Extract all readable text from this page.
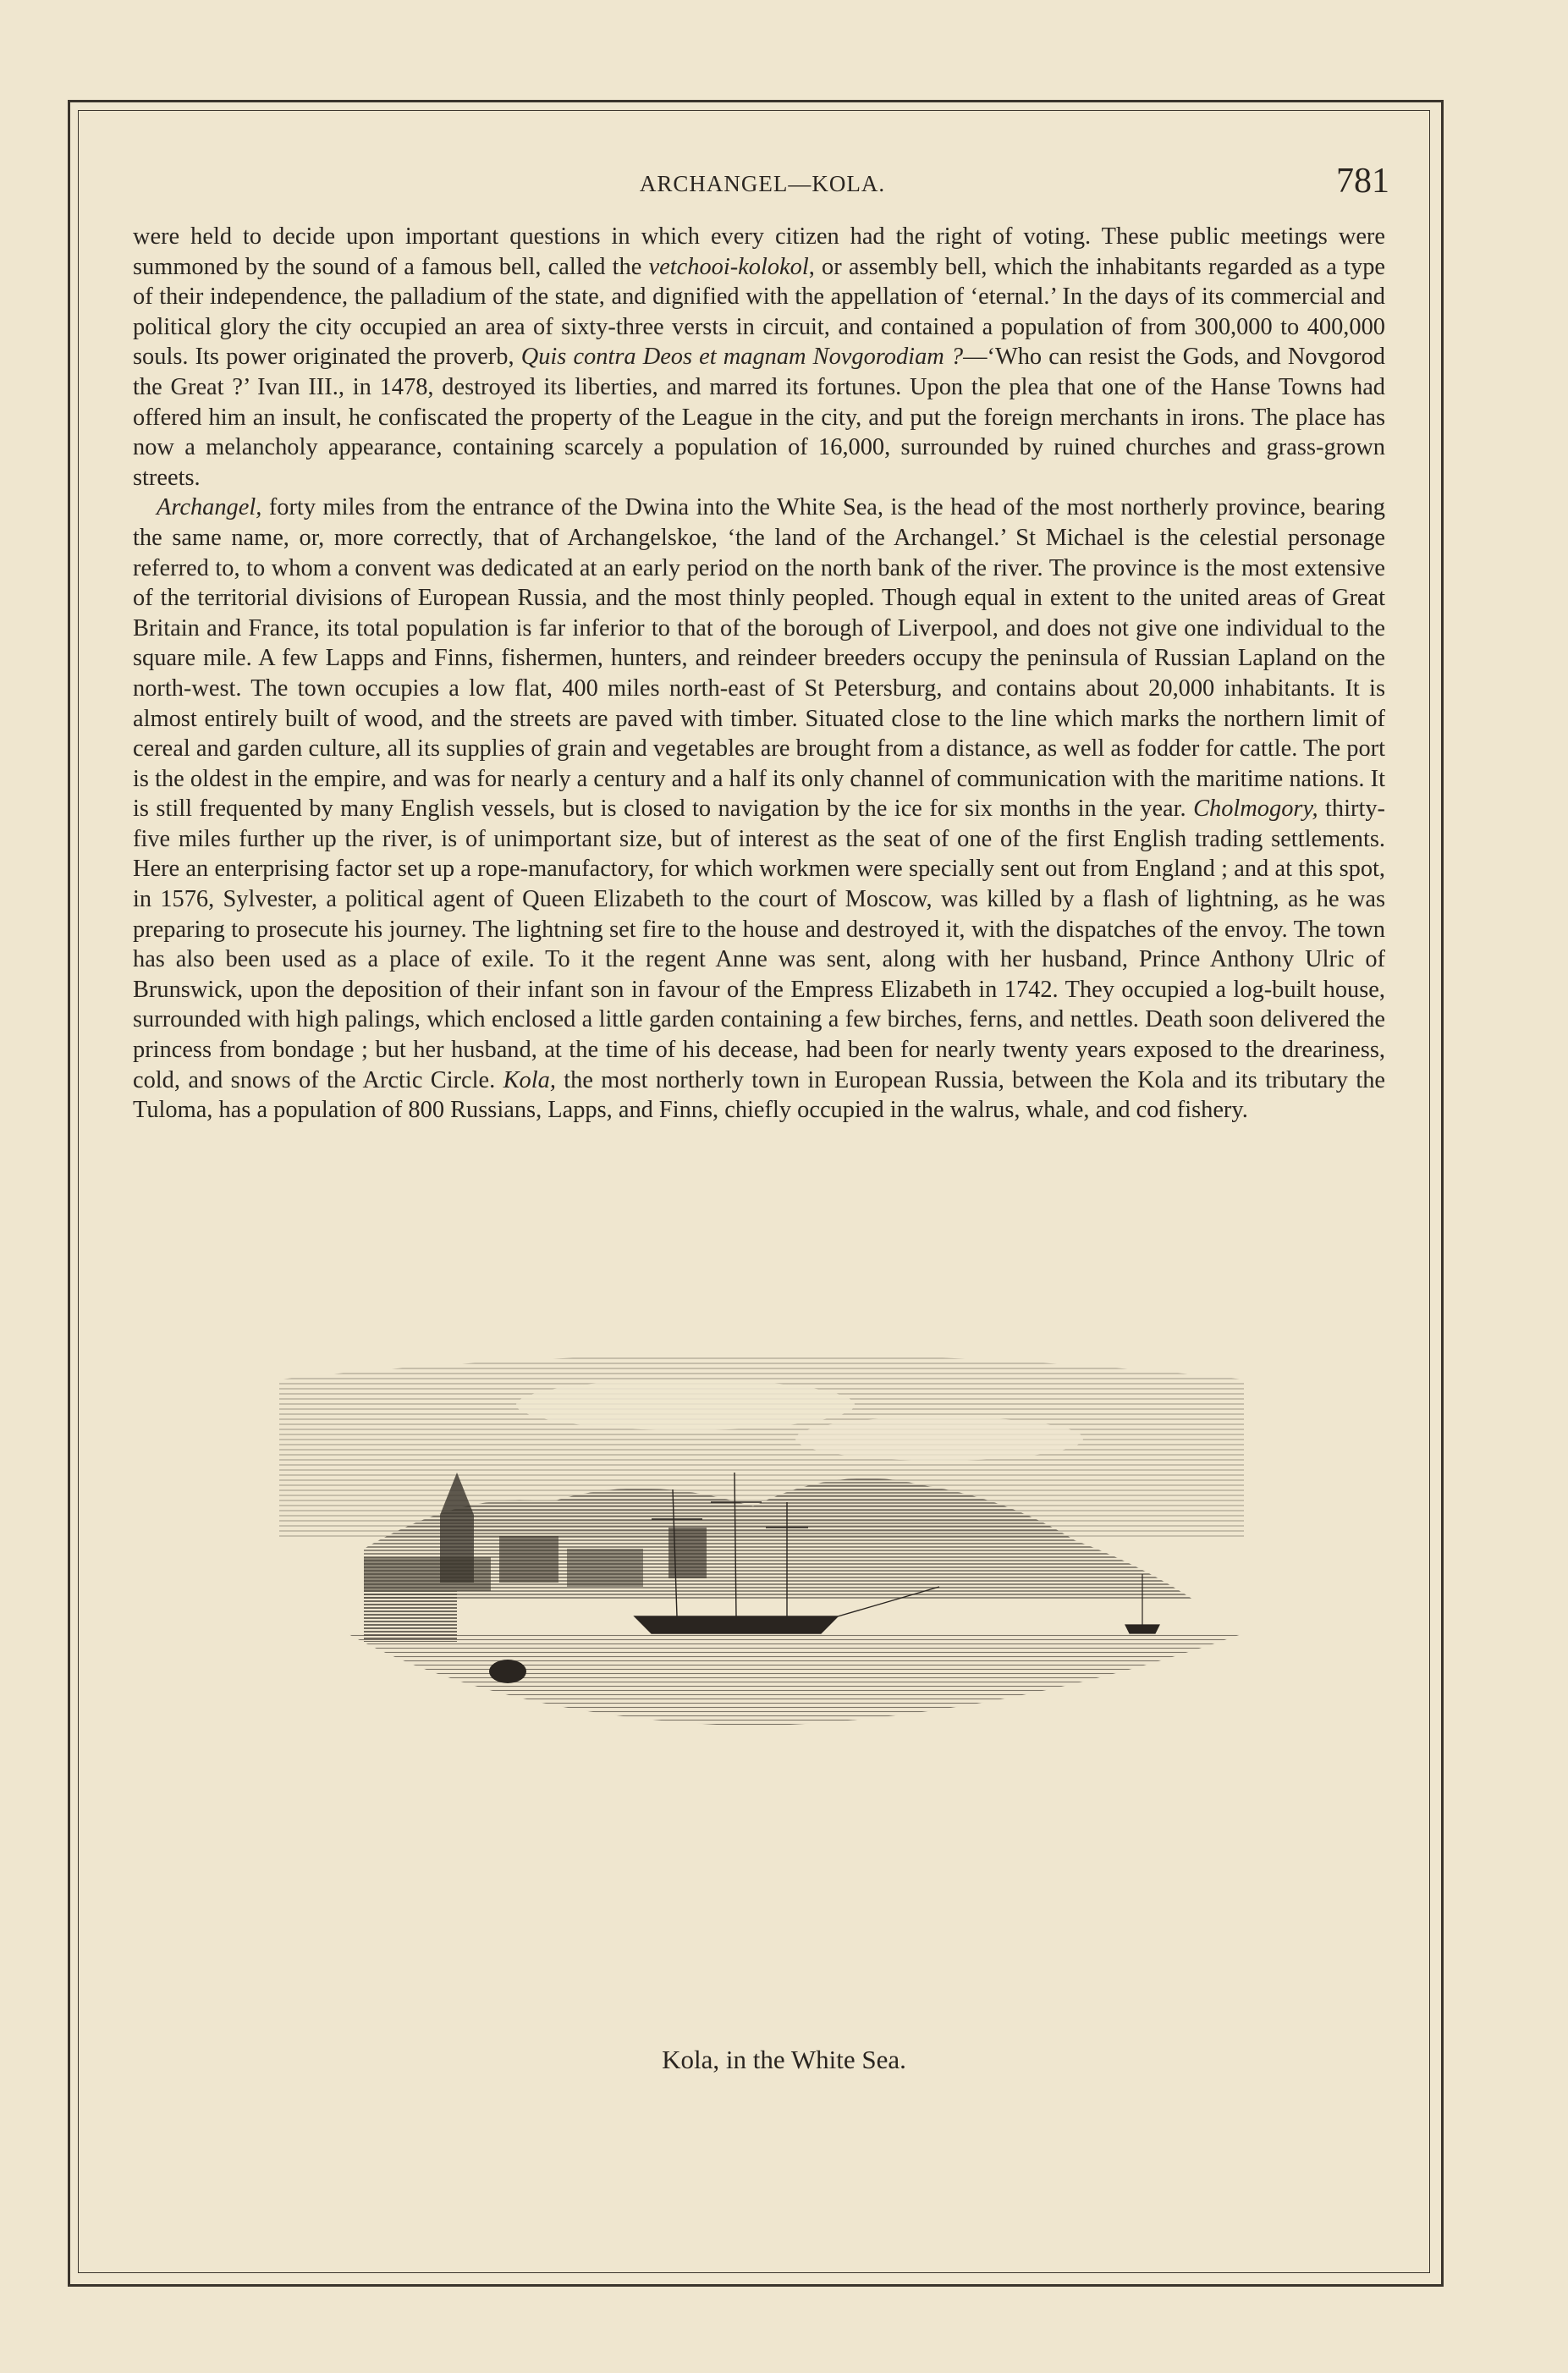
ARCHANGEL—KOLA.	781

were held to decide upon important questions in which every citizen had the right of voting. These public meetings were summoned by the sound of a famous bell, called the vetchooi-kolokol, or assembly bell, which the inhabitants regarded as a type of their independence, the palladium of the state, and dignified with the appellation of ‘eternal.’ In the days of its commercial and political glory the city occupied an area of sixty-three versts in circuit, and contained a population of from 300,000 to 400,000 souls. Its power originated the proverb, Quis contra Deos et magnam Novgorodiam ?—‘Who can resist the Gods, and Novgorod the Great ?’ Ivan III., in 1478, destroyed its liberties, and marred its fortunes. Upon the plea that one of the Hanse Towns had offered him an insult, he confiscated the property of the League in the city, and put the foreign merchants in irons. The place has now a melancholy appearance, containing scarcely a population of 16,000, surrounded by ruined churches and grass-grown streets.

Archangel, forty miles from the entrance of the Dwina into the White Sea, is the head of the most northerly province, bearing the same name, or, more correctly, that of Archangelskoe, ‘the land of the Archangel.’ St Michael is the celestial personage referred to, to whom a convent was dedicated at an early period on the north bank of the river. The province is the most extensive of the territorial divisions of European Russia, and the most thinly peopled. Though equal in extent to the united areas of Great Britain and France, its total population is far inferior to that of the borough of Liverpool, and does not give one individual to the square mile. A few Lapps and Finns, fishermen, hunters, and reindeer breeders occupy the peninsula of Russian Lapland on the north-west. The town occupies a low flat, 400 miles north-east of St Petersburg, and contains about 20,000 inhabitants. It is almost entirely built of wood, and the streets are paved with timber. Situated close to the line which marks the northern limit of cereal and garden culture, all its supplies of grain and vegetables are brought from a distance, as well as fodder for cattle. The port is the oldest in the empire, and was for nearly a century and a half its only channel of communication with the maritime nations. It is still frequented by many English vessels, but is closed to navigation by the ice for six months in the year. Cholmogory, thirty-five miles further up the river, is of unimportant size, but of interest as the seat of one of the first English trading settlements. Here an enterprising factor set up a rope-manufactory, for which workmen were specially sent out from England ; and at this spot, in 1576, Sylvester, a political agent of Queen Elizabeth to the court of Moscow, was killed by a flash of lightning, as he was preparing to prosecute his journey. The lightning set fire to the house and destroyed it, with the dispatches of the envoy. The town has also been used as a place of exile. To it the regent Anne was sent, along with her husband, Prince Anthony Ulric of Brunswick, upon the deposition of their infant son in favour of the Empress Elizabeth in 1742. They occupied a log-built house, surrounded with high palings, which enclosed a little garden containing a few birches, ferns, and nettles. Death soon delivered the princess from bondage ; but her husband, at the time of his decease, had been for nearly twenty years exposed to the dreariness, cold, and snows of the Arctic Circle. Kola, the most northerly town in European Russia, between the Kola and its tributary the Tuloma, has a population of 800 Russians, Lapps, and Finns, chiefly occupied in the walrus, whale, and cod fishery.

Kola, in the White Sea.
